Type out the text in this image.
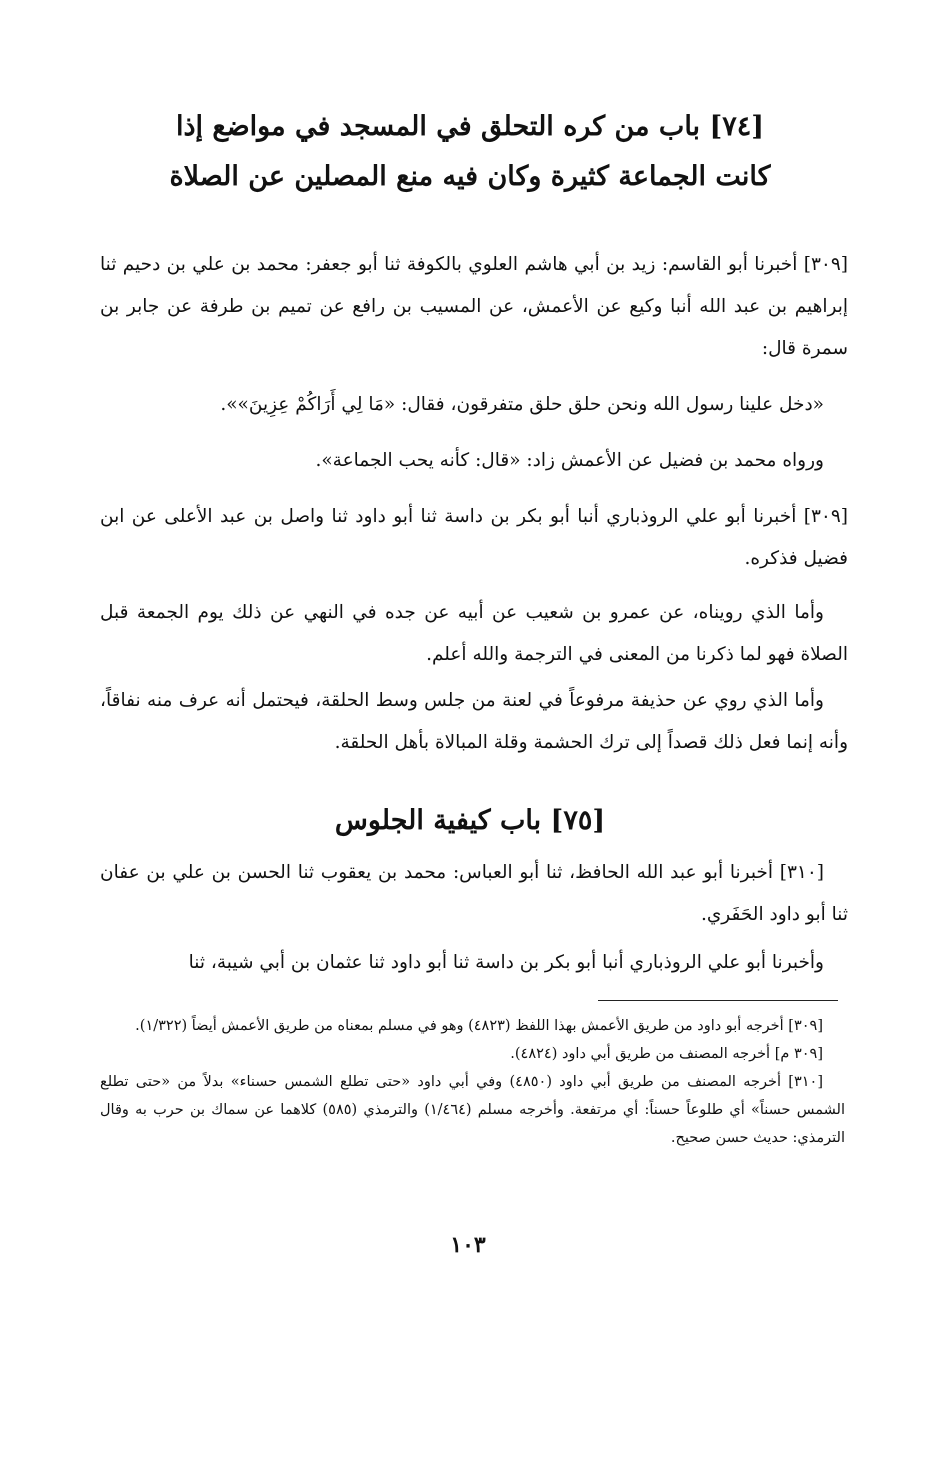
[٧٤] باب من كره التحلق في المسجد في مواضع إذا
كانت الجماعة كثيرة وكان فيه منع المصلين عن الصلاة
[٣٠٩] أخبرنا أبو القاسم: زيد بن أبي هاشم العلوي بالكوفة ثنا أبو جعفر: محمد بن علي بن دحيم ثنا إبراهيم بن عبد الله أنبا وكيع عن الأعمش، عن المسيب بن رافع عن تميم بن طرفة عن جابر بن سمرة قال:
«دخل علينا رسول الله ونحن حلق حلق متفرقون، فقال: «مَا لِي أَرَاكُمْ عِزِينَ»».
ورواه محمد بن فضيل عن الأعمش زاد: «قال: كأنه يحب الجماعة».
[٣٠٩] أخبرنا أبو علي الروذباري أنبا أبو بكر بن داسة ثنا أبو داود ثنا واصل بن عبد الأعلى عن ابن فضيل فذكره.
وأما الذي رويناه، عن عمرو بن شعيب عن أبيه عن جده في النهي عن ذلك يوم الجمعة قبل الصلاة فهو لما ذكرنا من المعنى في الترجمة والله أعلم.
وأما الذي روي عن حذيفة مرفوعاً في لعنة من جلس وسط الحلقة، فيحتمل أنه عرف منه نفاقاً، وأنه إنما فعل ذلك قصداً إلى ترك الحشمة وقلة المبالاة بأهل الحلقة.
[٧٥] باب كيفية الجلوس
[٣١٠] أخبرنا أبو عبد الله الحافظ، ثنا أبو العباس: محمد بن يعقوب ثنا الحسن بن علي بن عفان ثنا أبو داود الحَفَري.
وأخبرنا أبو علي الروذباري أنبا أبو بكر بن داسة ثنا أبو داود ثنا عثمان بن أبي شيبة، ثنا
[٣٠٩] أخرجه أبو داود من طريق الأعمش بهذا اللفظ (٤٨٢٣) وهو في مسلم بمعناه من طريق الأعمش أيضاً (١/٣٢٢).
[٣٠٩ م] أخرجه المصنف من طريق أبي داود (٤٨٢٤).
[٣١٠] أخرجه المصنف من طريق أبي داود (٤٨٥٠) وفي أبي داود «حتى تطلع الشمس حسناء» بدلاً من «حتى تطلع الشمس حسناً» أي طلوعاً حسناً: أي مرتفعة. وأخرجه مسلم (١/٤٦٤) والترمذي (٥٨٥) كلاهما عن سماك بن حرب به وقال الترمذي: حديث حسن صحيح.
١٠٣
